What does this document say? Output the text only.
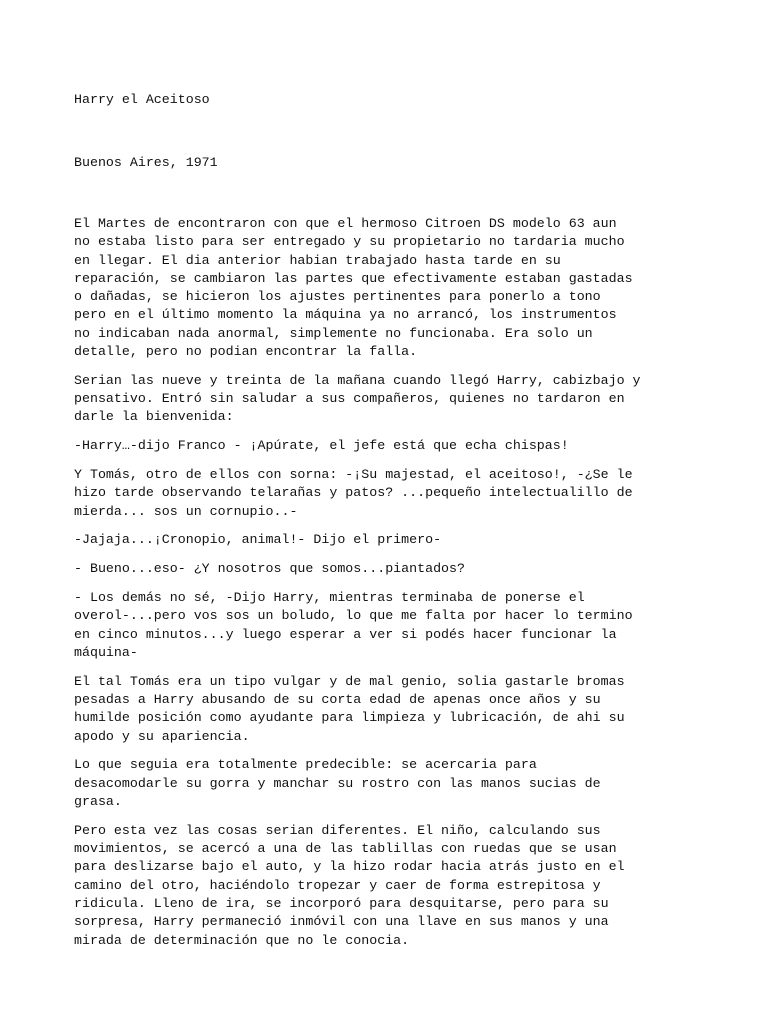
Harry el Aceitoso

Buenos Aires, 1971

El Martes de encontraron con que el hermoso Citroen DS modelo 63 aun
no estaba listo para ser entregado y su propietario no tardaria mucho
en llegar. El dia anterior habian trabajado hasta tarde en su
reparación, se cambiaron las partes que efectivamente estaban gastadas
o dañadas, se hicieron los ajustes pertinentes para ponerlo a tono
pero en el último momento la máquina ya no arrancó, los instrumentos
no indicaban nada anormal, simplemente no funcionaba. Era solo un
detalle, pero no podian encontrar la falla.

Serian las nueve y treinta de la mañana cuando llegó Harry, cabizbajo y
pensativo. Entró sin saludar a sus compañeros, quienes no tardaron en
darle la bienvenida:

-Harry…-dijo Franco - ¡Apúrate, el jefe está que echa chispas!

Y Tomás, otro de ellos con sorna: -¡Su majestad, el aceitoso!, -¿Se le
hizo tarde observando telarañas y patos? ...pequeño intelectualillo de
mierda... sos un cornupio..-

-Jajaja...¡Cronopio, animal!- Dijo el primero-

- Bueno...eso- ¿Y nosotros que somos...piantados?

- Los demás no sé, -Dijo Harry, mientras terminaba de ponerse el
overol-...pero vos sos un boludo, lo que me falta por hacer lo termino
en cinco minutos...y luego esperar a ver si podés hacer funcionar la
máquina-

El tal Tomás era un tipo vulgar y de mal genio, solia gastarle bromas
pesadas a Harry abusando de su corta edad de apenas once años y su
humilde posición como ayudante para limpieza y lubricación, de ahi su
apodo y su apariencia.

Lo que seguia era totalmente predecible: se acercaria para
desacomodarle su gorra y manchar su rostro con las manos sucias de
grasa.

Pero esta vez las cosas serian diferentes. El niño, calculando sus
movimientos, se acercó a una de las tablillas con ruedas que se usan
para deslizarse bajo el auto, y la hizo rodar hacia atrás justo en el
camino del otro, haciéndolo tropezar y caer de forma estrepitosa y
ridicula. Lleno de ira, se incorporó para desquitarse, pero para su
sorpresa, Harry permaneció inmóvil con una llave en sus manos y una
mirada de determinación que no le conocia.
